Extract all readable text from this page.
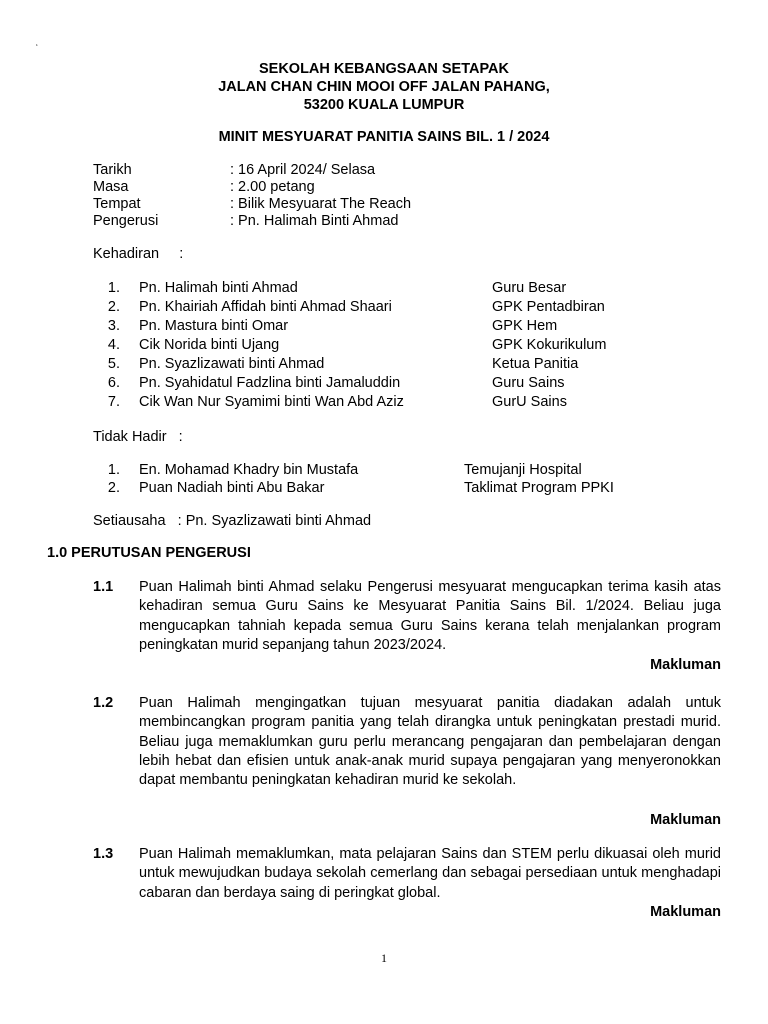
‘
SEKOLAH KEBANGSAAN SETAPAK
JALAN CHAN CHIN MOOI OFF JALAN PAHANG,
53200 KUALA LUMPUR
MINIT MESYUARAT PANITIA SAINS BIL. 1 / 2024
Tarikh	: 16 April 2024/ Selasa
Masa	: 2.00 petang
Tempat	: Bilik Mesyuarat The Reach
Pengerusi	: Pn. Halimah Binti Ahmad
Kehadiran     :
1. Pn. Halimah binti Ahmad	Guru Besar
2. Pn. Khairiah Affidah binti Ahmad Shaari	GPK Pentadbiran
3. Pn. Mastura binti Omar	GPK Hem
4. Cik Norida binti Ujang	GPK Kokurikulum
5. Pn. Syazlizawati binti Ahmad	Ketua Panitia
6. Pn. Syahidatul Fadzlina binti Jamaluddin	Guru Sains
7. Cik Wan Nur Syamimi binti Wan Abd Aziz	GurU Sains
Tidak Hadir   :
1. En. Mohamad Khadry bin Mustafa	Temujanji Hospital
2. Puan Nadiah binti Abu Bakar	Taklimat Program PPKI
Setiausaha   : Pn. Syazlizawati binti Ahmad
1.0 PERUTUSAN PENGERUSI
1.1 Puan Halimah binti Ahmad selaku Pengerusi mesyuarat mengucapkan terima kasih atas kehadiran semua Guru Sains ke Mesyuarat Panitia Sains Bil. 1/2024. Beliau juga mengucapkan tahniah kepada semua Guru Sains kerana telah menjalankan program peningkatan murid sepanjang tahun 2023/2024.
Makluman
1.2 Puan Halimah mengingatkan tujuan mesyuarat panitia diadakan adalah untuk membincangkan program panitia yang telah dirangka untuk peningkatan prestadi murid. Beliau juga memaklumkan guru perlu merancang pengajaran dan pembelajaran dengan lebih hebat dan efisien untuk anak-anak murid supaya pengajaran yang menyeronokkan dapat membantu peningkatan kehadiran murid ke sekolah.
Makluman
1.3 Puan Halimah memaklumkan, mata pelajaran Sains dan STEM perlu dikuasai oleh murid untuk mewujudkan budaya sekolah cemerlang dan sebagai persediaan untuk menghadapi cabaran dan berdaya saing di peringkat global.
Makluman
1
